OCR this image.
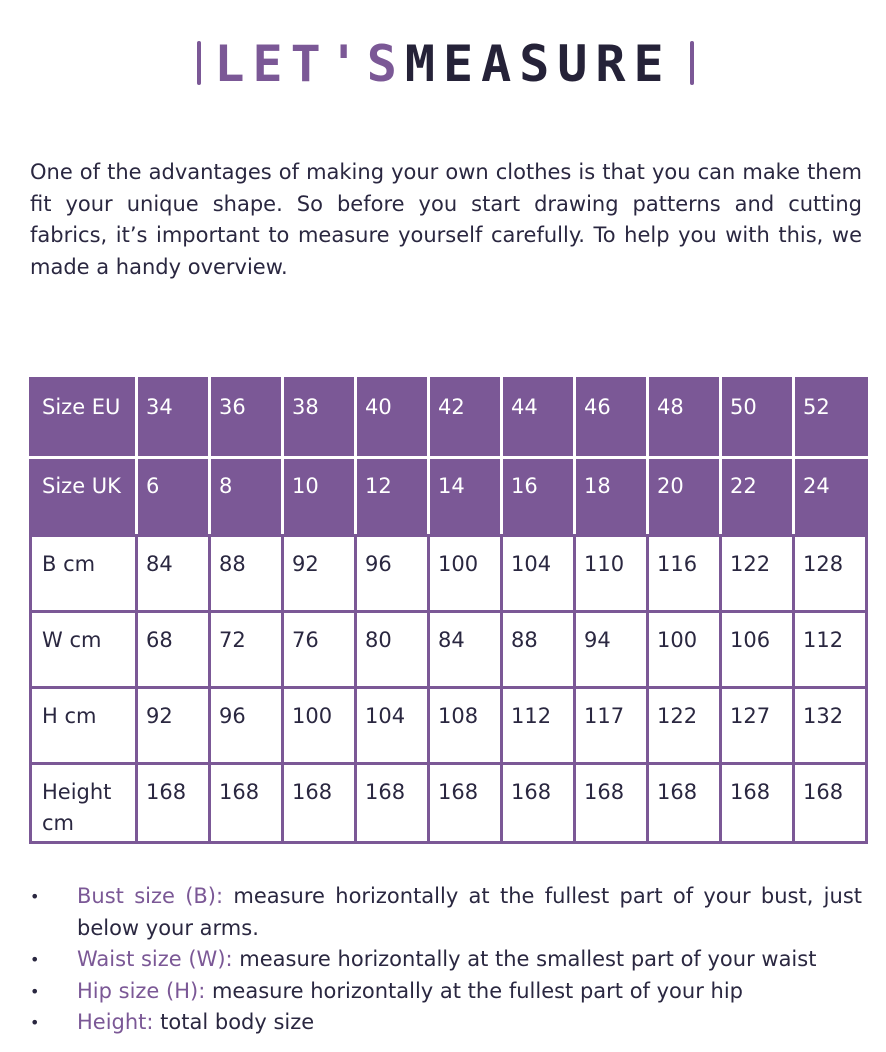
LET'SMEASURE

One of the advantages of making your own clothes is that you can make them fit your unique shape. So before you start drawing patterns and cutting fabrics, it’s important to measure yourself carefully. To help you with this, we made a handy overview.

Size EU	34	36	38	40	42	44	46	48	50	52
Size UK	6	8	10	12	14	16	18	20	22	24
B cm	84	88	92	96	100	104	110	116	122	128
W cm	68	72	76	80	84	88	94	100	106	112
H cm	92	96	100	104	108	112	117	122	127	132
Height cm	168	168	168	168	168	168	168	168	168	168
• Bust size (B): measure horizontally at the fullest part of your bust, just below your arms.
• Waist size (W): measure horizontally at the smallest part of your waist
• Hip size (H): measure horizontally at the fullest part of your hip
• Height: total body size
